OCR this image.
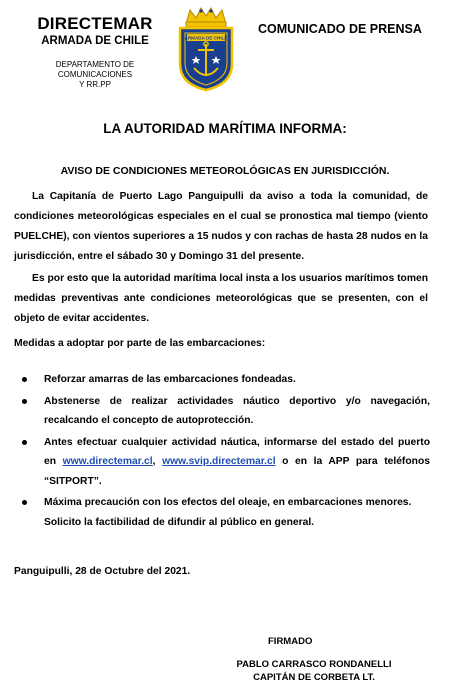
DIRECTEMAR
ARMADA DE CHILE
DEPARTAMENTO DE COMUNICACIONES
Y RR.PP
ARMADA DE CHILE
COMUNICADO DE PRENSA
LA AUTORIDAD MARÍTIMA INFORMA:
AVISO DE CONDICIONES METEOROLÓGICAS EN JURISDICCIÓN.
La Capitanía de Puerto Lago Panguipulli da aviso a toda la comunidad, de condiciones meteorológicas especiales en el cual se pronostica mal tiempo (viento PUELCHE), con vientos superiores a 15 nudos y con rachas de hasta 28 nudos en la jurisdicción, entre el sábado 30 y Domingo 31 del presente.
Es por esto que la autoridad marítima local insta a los usuarios marítimos tomen medidas preventivas ante condiciones meteorológicas que se presenten, con el objeto de evitar accidentes.
Medidas a adoptar por parte de las embarcaciones:
Reforzar amarras de las embarcaciones fondeadas.
Abstenerse de realizar actividades náutico deportivo y/o navegación, recalcando el concepto de autoprotección.
Antes efectuar cualquier actividad náutica, informarse del estado del puerto en www.directemar.cl, www.svip.directemar.cl o en la APP para teléfonos “SITPORT”.
Máxima precaución con los efectos del oleaje, en embarcaciones menores.
Solicito la factibilidad de difundir al público en general.
Panguipulli, 28 de Octubre del 2021.
FIRMADO
PABLO CARRASCO RONDANELLI
CAPITÁN DE CORBETA LT.
